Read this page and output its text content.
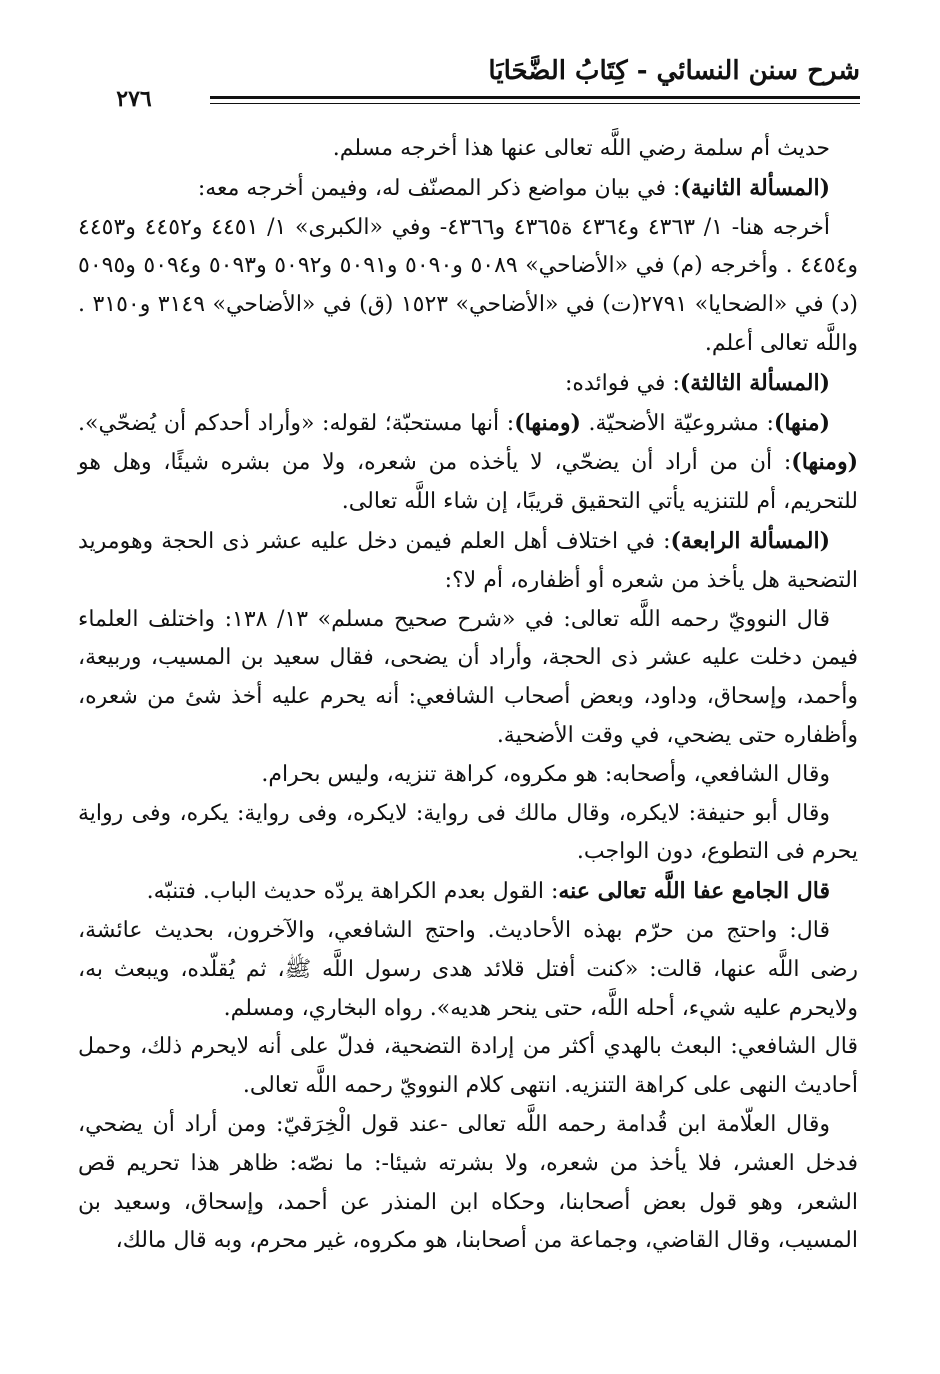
شرح سنن النسائي - كِتَابُ الضَّحَايَا
٢٧٦

حديث أم سلمة رضي اللَّه تعالى عنها هذا أخرجه مسلم.

(المسألة الثانية): في بيان مواضع ذكر المصنّف له، وفيمن أخرجه معه:

أخرجه هنا- ١/ ٤٣٦٣ و٤٣٦٤ ة٤٣٦٥ و٤٣٦٦- وفي «الكبرى» ١/ ٤٤٥١ و٤٤٥٢ و٤٤٥٣ و٤٤٥٤ . وأخرجه (م) في «الأضاحي» ٥٠٨٩ و٥٠٩٠ و٥٠٩١ و٥٠٩٢ و٥٠٩٣ و٥٠٩٤ و٥٠٩٥ (د) في «الضحايا» ٢٧٩١(ت) في «الأضاحي» ١٥٢٣ (ق) في «الأضاحي» ٣١٤٩ و٣١٥٠ . واللَّه تعالى أعلم.

(المسألة الثالثة): في فوائده:

(منها): مشروعيّة الأضحيّة. (ومنها): أنها مستحبّة؛ لقوله: «وأراد أحدكم أن يُضحّي». (ومنها): أن من أراد أن يضحّي، لا يأخذه من شعره، ولا من بشره شيئًا، وهل هو للتحريم، أم للتنزيه يأتي التحقيق قريبًا، إن شاء اللَّه تعالى.

(المسألة الرابعة): في اختلاف أهل العلم فيمن دخل عليه عشر ذى الحجة وهومريد التضحية هل يأخذ من شعره أو أظفاره، أم لا؟:

قال النوويّ رحمه اللَّه تعالى: في «شرح صحيح مسلم» ١٣/ ١٣٨: واختلف العلماء فيمن دخلت عليه عشر ذى الحجة، وأراد أن يضحى، فقال سعيد بن المسيب، وربيعة، وأحمد، وإسحاق، وداود، وبعض أصحاب الشافعي: أنه يحرم عليه أخذ شئ من شعره، وأظفاره حتى يضحي، في وقت الأضحية.

وقال الشافعي، وأصحابه: هو مكروه، كراهة تنزيه، وليس بحرام.

وقال أبو حنيفة: لايكره، وقال مالك فى رواية: لايكره، وفى رواية: يكره، وفى رواية يحرم فى التطوع، دون الواجب.

قال الجامع عفا اللَّه تعالى عنه: القول بعدم الكراهة يردّه حديث الباب. فتنبّه.

قال: واحتج من حرّم بهذه الأحاديث. واحتج الشافعي، والآخرون، بحديث عائشة، رضى اللَّه عنها، قالت: «كنت أفتل قلائد هدى رسول اللَّه ﷺ، ثم يُقلّده، ويبعث به، ولايحرم عليه شيء، أحله اللَّه، حتى ينحر هديه». رواه البخاري، ومسلم.

قال الشافعي: البعث بالهدي أكثر من إرادة التضحية، فدلّ على أنه لايحرم ذلك، وحمل أحاديث النهى على كراهة التنزيه. انتهى كلام النوويّ رحمه اللَّه تعالى.

وقال العلّامة ابن قُدامة رحمه اللَّه تعالى -عند قول الْخِرَقيّ: ومن أراد أن يضحي، فدخل العشر، فلا يأخذ من شعره، ولا بشرته شيئا-: ما نصّه: ظاهر هذا تحريم قص الشعر، وهو قول بعض أصحابنا، وحكاه ابن المنذر عن أحمد، وإسحاق، وسعيد بن المسيب، وقال القاضي، وجماعة من أصحابنا، هو مكروه، غير محرم، وبه قال مالك،
